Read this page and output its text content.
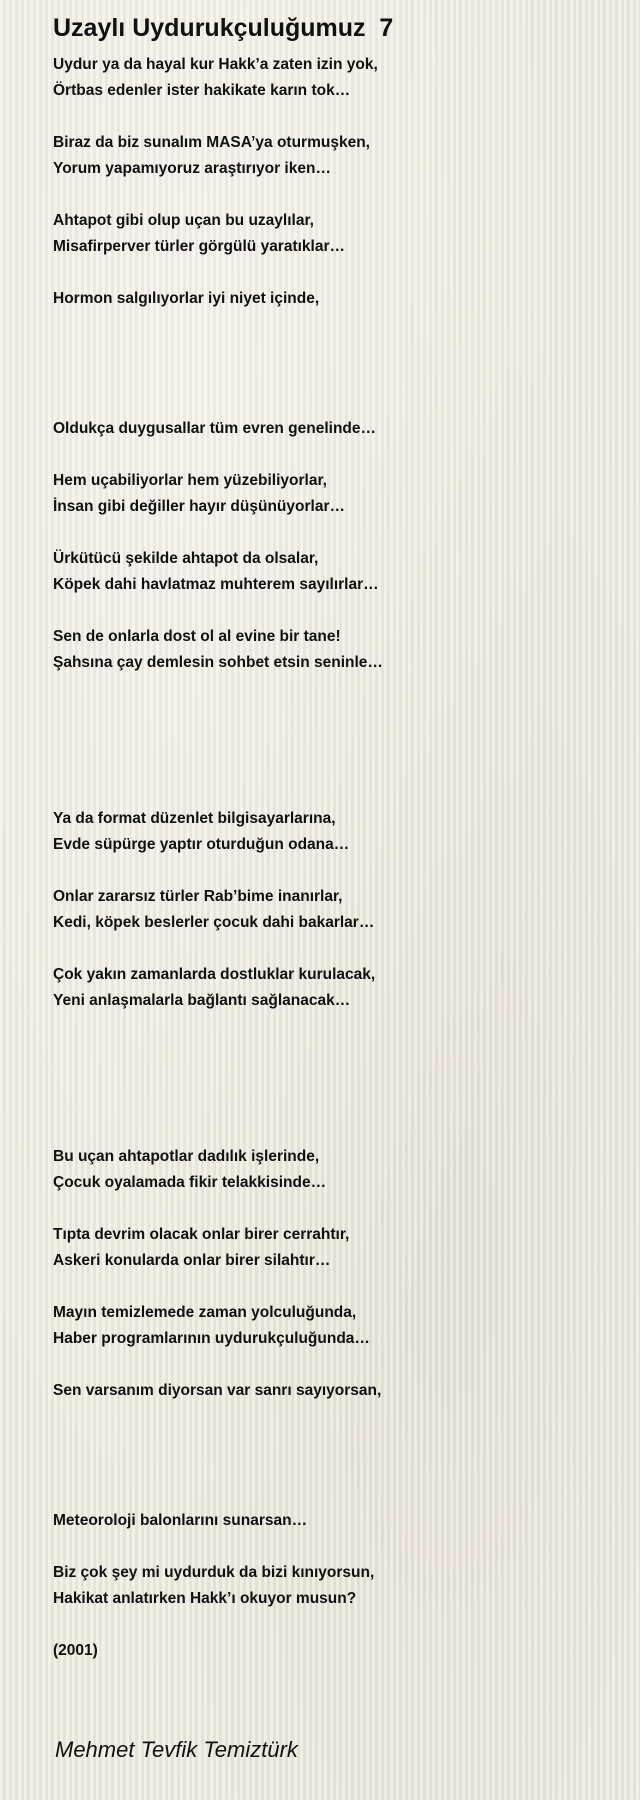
Uzaylı Uydurukçuluğumuz  7
Uydur ya da hayal kur Hakk’a zaten izin yok,
Örtbas edenler ister hakikate karın tok…
Biraz da biz sunalım MASA’ya oturmuşken,
Yorum yapamıyoruz araştırıyor iken…
Ahtapot gibi olup uçan bu uzaylılar,
Misafirperver türler görgülü yaratıklar…
Hormon salgılıyorlar iyi niyet içinde,
Oldukça duygusallar tüm evren genelinde…
Hem uçabiliyorlar hem yüzebiliyorlar,
İnsan gibi değiller hayır düşünüyorlar…
Ürkütücü şekilde ahtapot da olsalar,
Köpek dahi havlatmaz muhterem sayılırlar…
Sen de onlarla dost ol al evine bir tane!
Şahsına çay demlesin sohbet etsin seninle…
Ya da format düzenlet bilgisayarlarına,
Evde süpürge yaptır oturduğun odana…
Onlar zararsız türler Rab’bime inanırlar,
Kedi, köpek beslerler çocuk dahi bakarlar…
Çok yakın zamanlarda dostluklar kurulacak,
Yeni anlaşmalarla bağlantı sağlanacak…
Bu uçan ahtapotlar dadılık işlerinde,
Çocuk oyalamada fikir telakkisinde…
Tıpta devrim olacak onlar birer cerrahtır,
Askeri konularda onlar birer silahtır…
Mayın temizlemede zaman yolculuğunda,
Haber programlarının uydurukçuluğunda…
Sen varsanım diyorsan var sanrı sayıyorsan,
Meteoroloji balonlarını sunarsan…
Biz çok şey mi uydurduk da bizi kınıyorsun,
Hakikat anlatırken Hakk’ı okuyor musun?
(2001)
Mehmet Tevfik Temiztürk
